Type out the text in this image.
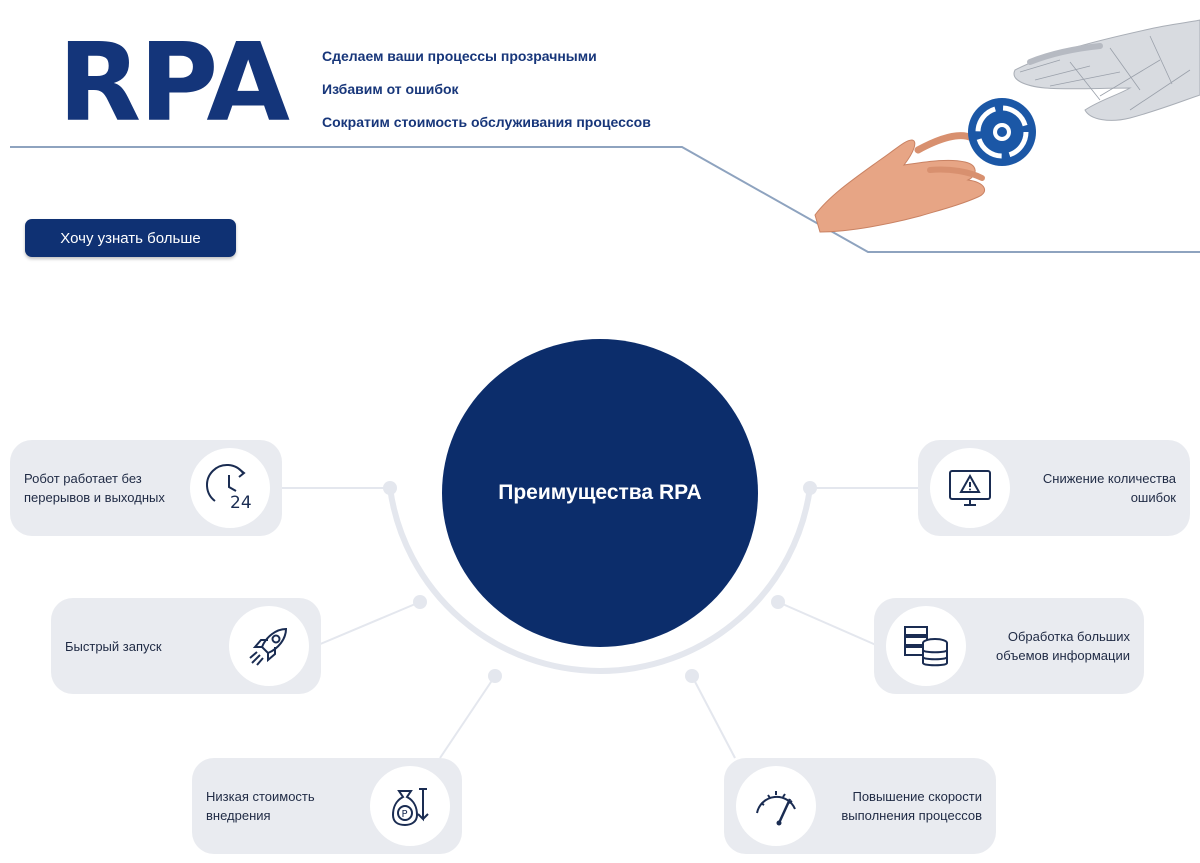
RPA Сделаем ваши процессы прозрачными
Избавим от ошибок
Сократим стоимость обслуживания процессов
Хочу узнать больше
Преимущества RPA
Робот работает без
перерывов и выходных	24
Быстрый запуск
Низкая стоимость
внедрения	P
Снижение количества
ошибок
Обработка больших
объемов информации
Повышение скорости
выполнения процессов
